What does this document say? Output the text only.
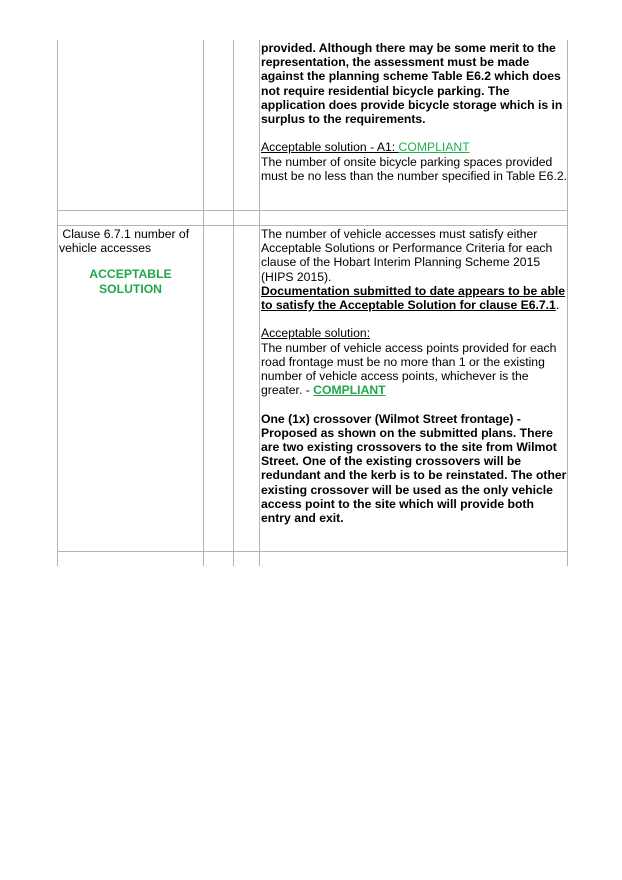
provided. Although there may be some merit to the representation, the assessment must be made against the planning scheme Table E6.2 which does not require residential bicycle parking. The application does provide bicycle storage which is in surplus to the requirements.

Acceptable solution - A1: COMPLIANT

The number of onsite bicycle parking spaces provided must be no less than the number specified in Table E6.2.

Clause 6.7.1 number of vehicle accesses

ACCEPTABLE SOLUTION

The number of vehicle accesses must satisfy either Acceptable Solutions or Performance Criteria for each clause of the Hobart Interim Planning Scheme 2015 (HIPS 2015).

Documentation submitted to date appears to be able to satisfy the Acceptable Solution for clause E6.7.1.

Acceptable solution:

The number of vehicle access points provided for each road frontage must be no more than 1 or the existing number of vehicle access points, whichever is the greater. - COMPLIANT

One (1x) crossover (Wilmot Street frontage) - Proposed as shown on the submitted plans. There are two existing crossovers to the site from Wilmot Street. One of the existing crossovers will be redundant and the kerb is to be reinstated. The other existing crossover will be used as the only vehicle access point to the site which will provide both entry and exit.
